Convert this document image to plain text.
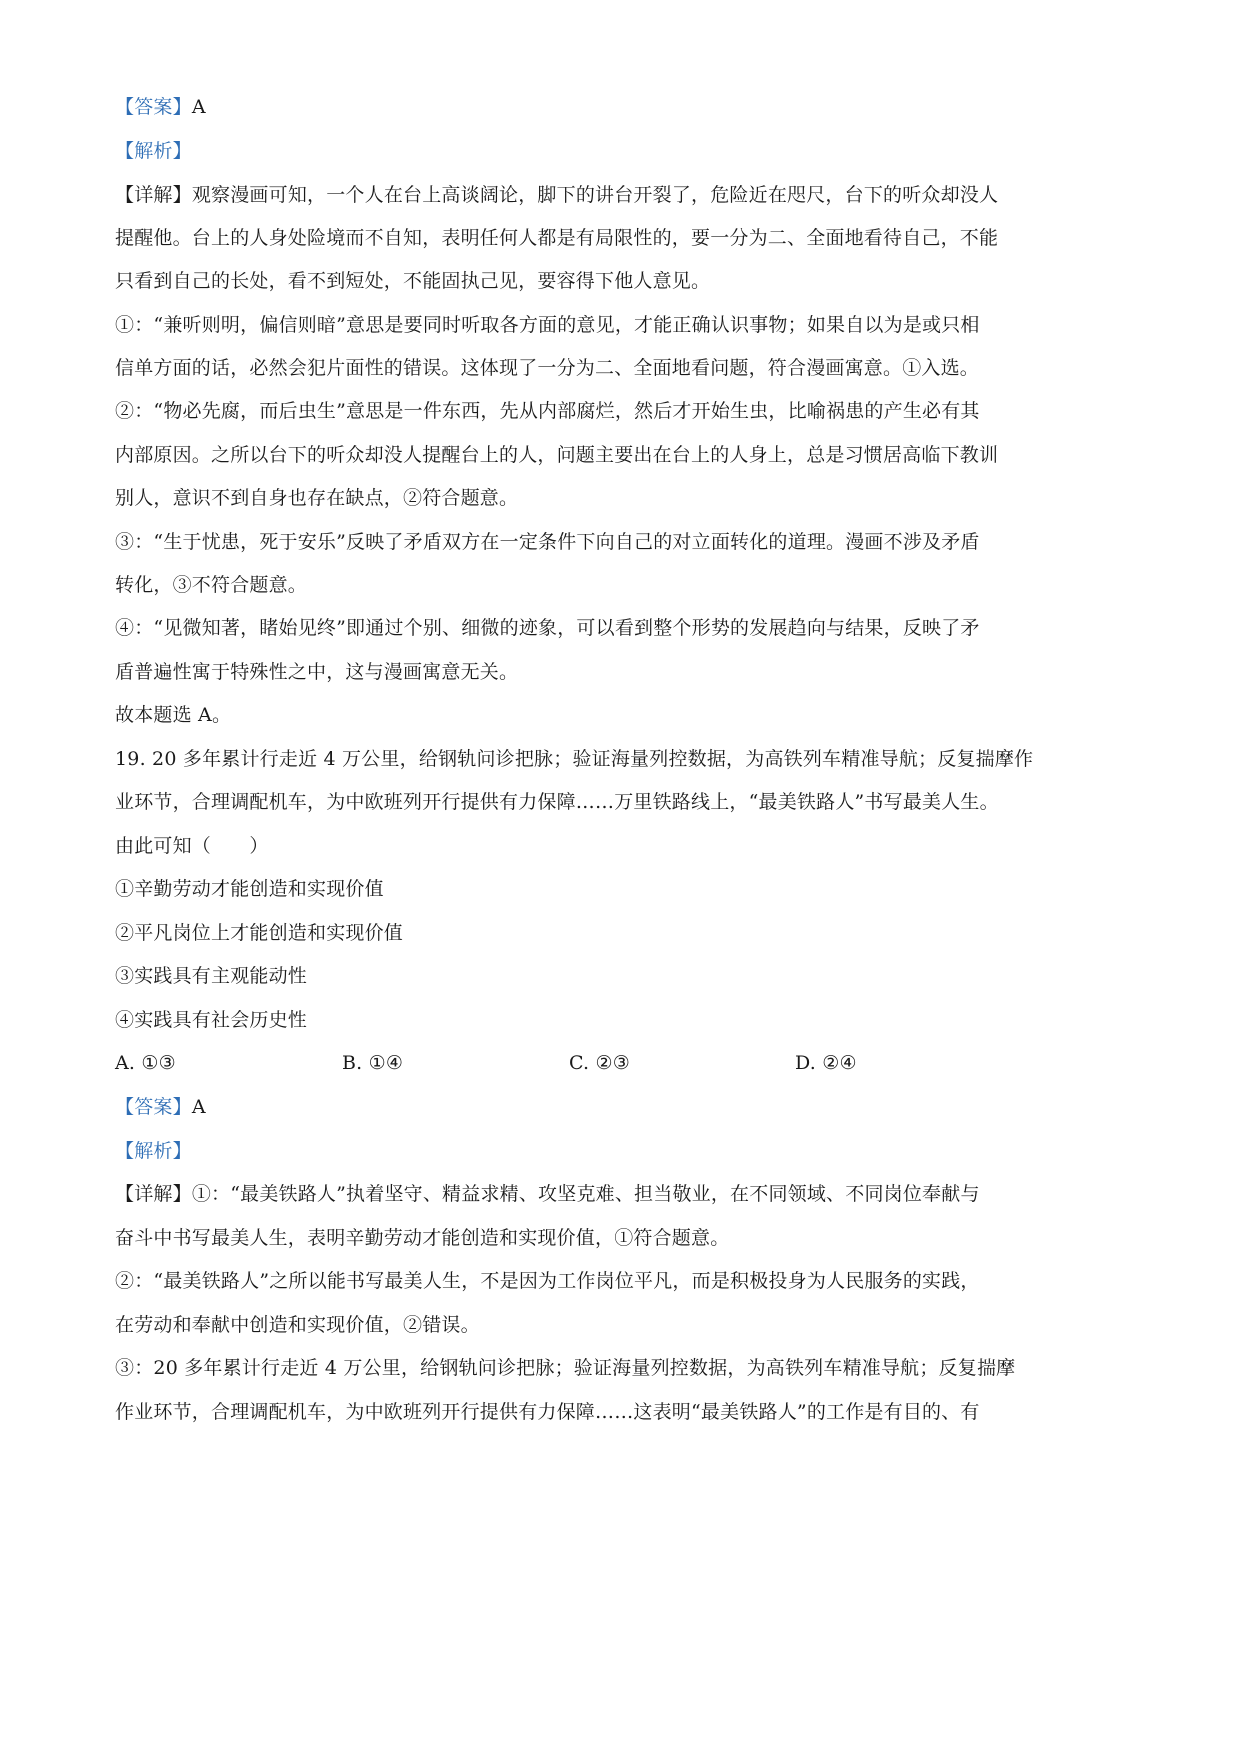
【答案】A
【解析】
【详解】观察漫画可知，一个人在台上高谈阔论，脚下的讲台开裂了，危险近在咫尺，台下的听众却没人
提醒他。台上的人身处险境而不自知，表明任何人都是有局限性的，要一分为二、全面地看待自己，不能
只看到自己的长处，看不到短处，不能固执己见，要容得下他人意见。
①：“兼听则明，偏信则暗”意思是要同时听取各方面的意见，才能正确认识事物；如果自以为是或只相
信单方面的话，必然会犯片面性的错误。这体现了一分为二、全面地看问题，符合漫画寓意。①入选。
②：“物必先腐，而后虫生”意思是一件东西，先从内部腐烂，然后才开始生虫，比喻祸患的产生必有其
内部原因。之所以台下的听众却没人提醒台上的人，问题主要出在台上的人身上，总是习惯居高临下教训
别人，意识不到自身也存在缺点，②符合题意。
③：“生于忧患，死于安乐”反映了矛盾双方在一定条件下向自己的对立面转化的道理。漫画不涉及矛盾
转化，③不符合题意。
④：“见微知著，睹始见终”即通过个别、细微的迹象，可以看到整个形势的发展趋向与结果，反映了矛
盾普遍性寓于特殊性之中，这与漫画寓意无关。
故本题选 A。
19. 20 多年累计行走近 4 万公里，给钢轨问诊把脉；验证海量列控数据，为高铁列车精准导航；反复揣摩作
业环节，合理调配机车，为中欧班列开行提供有力保障……万里铁路线上，“最美铁路人”书写最美人生。
由此可知（　　）
①辛勤劳动才能创造和实现价值
②平凡岗位上才能创造和实现价值
③实践具有主观能动性
④实践具有社会历史性
A. ①③	B. ①④	C. ②③	D. ②④
【答案】A
【解析】
【详解】①：“最美铁路人”执着坚守、精益求精、攻坚克难、担当敬业，在不同领域、不同岗位奉献与
奋斗中书写最美人生，表明辛勤劳动才能创造和实现价值，①符合题意。
②：“最美铁路人”之所以能书写最美人生，不是因为工作岗位平凡，而是积极投身为人民服务的实践，
在劳动和奉献中创造和实现价值，②错误。
③：20 多年累计行走近 4 万公里，给钢轨问诊把脉；验证海量列控数据，为高铁列车精准导航；反复揣摩
作业环节，合理调配机车，为中欧班列开行提供有力保障……这表明“最美铁路人”的工作是有目的、有
